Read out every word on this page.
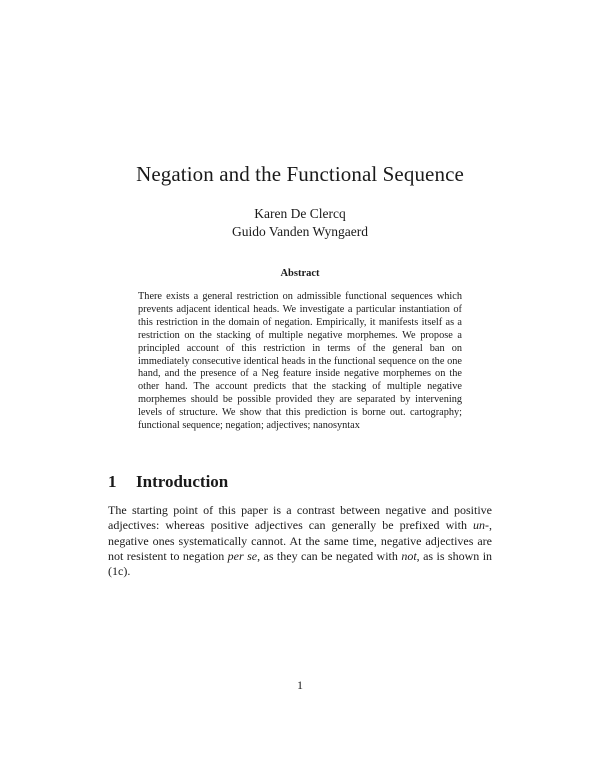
Negation and the Functional Sequence
Karen De Clercq
Guido Vanden Wyngaerd
Abstract
There exists a general restriction on admissible functional sequences which prevents adjacent identical heads. We investigate a particular instantiation of this restriction in the domain of negation. Empirically, it manifests itself as a restriction on the stacking of multiple negative morphemes. We propose a principled account of this restriction in terms of the general ban on immediately consecutive identical heads in the functional sequence on the one hand, and the presence of a Neg feature inside negative morphemes on the other hand. The account predicts that the stacking of multiple negative morphemes should be possible provided they are separated by intervening levels of structure. We show that this prediction is borne out. cartography; functional sequence; negation; adjectives; nanosyntax
1 Introduction
The starting point of this paper is a contrast between negative and positive adjectives: whereas positive adjectives can generally be prefixed with un-, negative ones systematically cannot. At the same time, negative adjectives are not resistent to negation per se, as they can be negated with not, as is shown in (1c).
1
